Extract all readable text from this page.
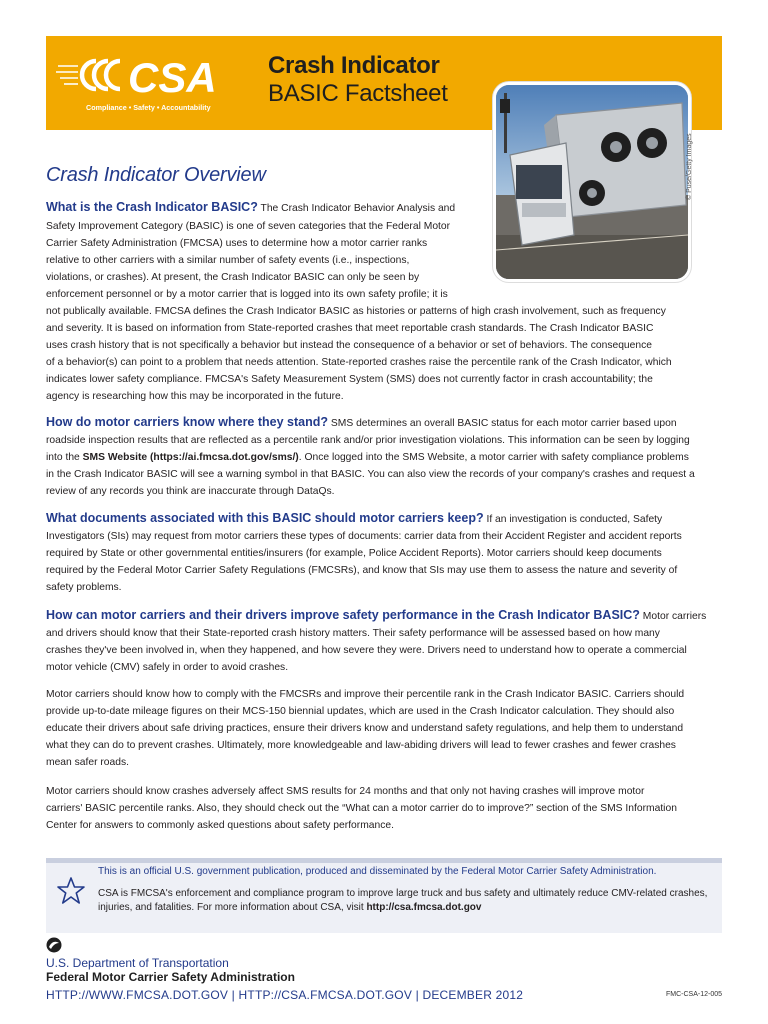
CSA
Compliance • Safety • Accountability
Crash Indicator
BASIC Factsheet
© Puse/Getty Images
Crash Indicator Overview
What is the Crash Indicator BASIC? The Crash Indicator Behavior Analysis and
Safety Improvement Category (BASIC) is one of seven categories that the Federal Motor
Carrier Safety Administration (FMCSA) uses to determine how a motor carrier ranks
relative to other carriers with a similar number of safety events (i.e., inspections,
violations, or crashes). At present, the Crash Indicator BASIC can only be seen by
enforcement personnel or by a motor carrier that is logged into its own safety profile; it is
not publically available. FMCSA defines the Crash Indicator BASIC as histories or patterns of high crash involvement, such as frequency
and severity. It is based on information from State-reported crashes that meet reportable crash standards. The Crash Indicator BASIC
uses crash history that is not specifically a behavior but instead the consequence of a behavior or set of behaviors. The consequence
of a behavior(s) can point to a problem that needs attention. State-reported crashes raise the percentile rank of the Crash Indicator, which
indicates lower safety compliance. FMCSA's Safety Measurement System (SMS) does not currently factor in crash accountability; the
agency is researching how this may be incorporated in the future.
How do motor carriers know where they stand? SMS determines an overall BASIC status for each motor carrier based upon
roadside inspection results that are reflected as a percentile rank and/or prior investigation violations. This information can be seen by logging
into the SMS Website (https://ai.fmcsa.dot.gov/sms/). Once logged into the SMS Website, a motor carrier with safety compliance problems
in the Crash Indicator BASIC will see a warning symbol in that BASIC. You can also view the records of your company's crashes and request a
review of any records you think are inaccurate through DataQs.
What documents associated with this BASIC should motor carriers keep? If an investigation is conducted, Safety
Investigators (SIs) may request from motor carriers these types of documents: carrier data from their Accident Register and accident reports
required by State or other governmental entities/insurers (for example, Police Accident Reports). Motor carriers should keep documents
required by the Federal Motor Carrier Safety Regulations (FMCSRs), and know that SIs may use them to assess the nature and severity of
safety problems.
How can motor carriers and their drivers improve safety performance in the Crash Indicator BASIC? Motor carriers
and drivers should know that their State-reported crash history matters. Their safety performance will be assessed based on how many
crashes they've been involved in, when they happened, and how severe they were. Drivers need to understand how to operate a commercial
motor vehicle (CMV) safely in order to avoid crashes.
Motor carriers should know how to comply with the FMCSRs and improve their percentile rank in the Crash Indicator BASIC. Carriers should
provide up-to-date mileage figures on their MCS-150 biennial updates, which are used in the Crash Indicator calculation. They should also
educate their drivers about safe driving practices, ensure their drivers know and understand safety regulations, and help them to understand
what they can do to prevent crashes. Ultimately, more knowledgeable and law-abiding drivers will lead to fewer crashes and fewer crashes
mean safer roads.
Motor carriers should know crashes adversely affect SMS results for 24 months and that only not having crashes will improve motor
carriers' BASIC percentile ranks. Also, they should check out the “What can a motor carrier do to improve?” section of the SMS Information
Center for answers to commonly asked questions about safety performance.
This is an official U.S. government publication, produced and disseminated by the Federal Motor Carrier Safety Administration.
CSA is FMCSA's enforcement and compliance program to improve large truck and bus safety and ultimately reduce CMV-related crashes, injuries, and fatalities. For more information about CSA, visit http://csa.fmcsa.dot.gov
U.S. Department of Transportation
Federal Motor Carrier Safety Administration
HTTP://WWW.FMCSA.DOT.GOV | HTTP://CSA.FMCSA.DOT.GOV | DECEMBER 2012	FMC-CSA-12-005
